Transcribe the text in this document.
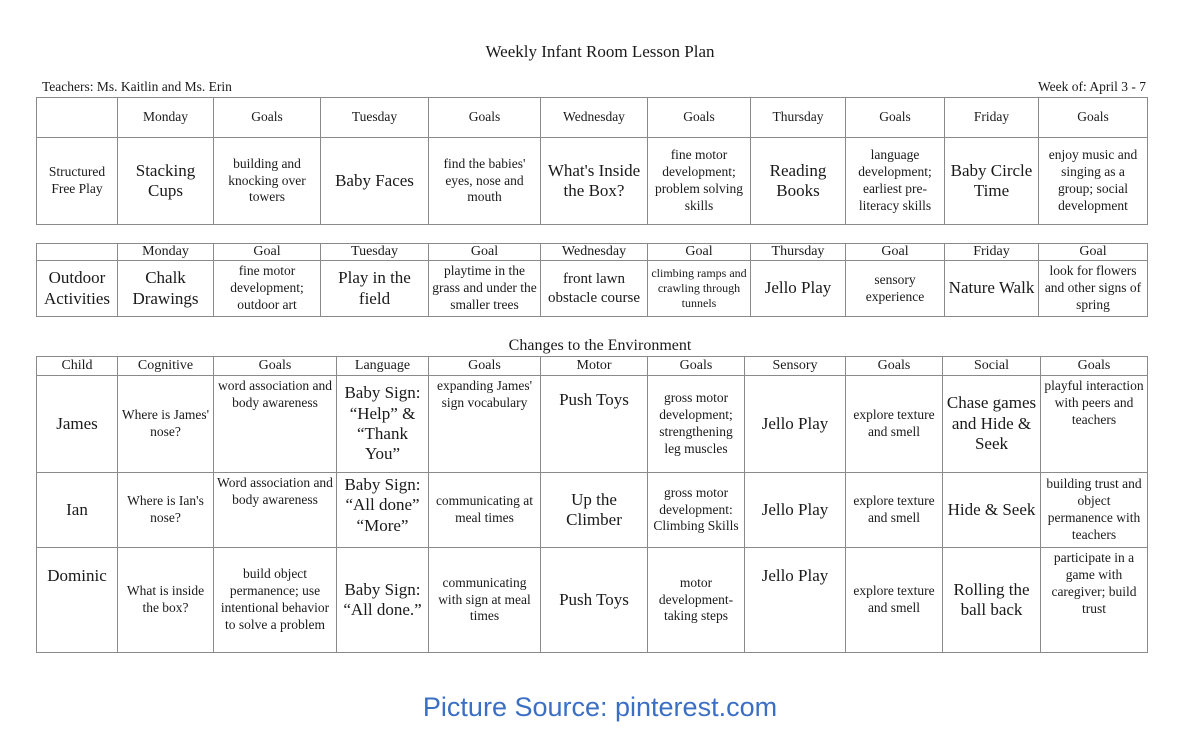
Weekly Infant Room Lesson Plan
Teachers: Ms. Kaitlin and Ms. Erin	Week of: April 3 - 7
	Monday	Goals	Tuesday	Goals	Wednesday	Goals	Thursday	Goals	Friday	Goals
Structured Free Play	Stacking Cups	building and knocking over towers	Baby Faces	find the babies' eyes, nose and mouth	What's Inside the Box?	fine motor development; problem solving skills	Reading Books	language development; earliest pre-literacy skills	Baby Circle Time	enjoy music and singing as a group; social development
	Monday	Goal	Tuesday	Goal	Wednesday	Goal	Thursday	Goal	Friday	Goal
Outdoor Activities	Chalk Drawings	fine motor development; outdoor art	Play in the field	playtime in the grass and under the smaller trees	front lawn obstacle course	climbing ramps and crawling through tunnels	Jello Play	sensory experience	Nature Walk	look for flowers and other signs of spring
Changes to the Environment
Child	Cognitive	Goals	Language	Goals	Motor	Goals	Sensory	Goals	Social	Goals
James	Where is James' nose?	word association and body awareness	Baby Sign: “Help” & “Thank You”	expanding James' sign vocabulary	Push Toys	gross motor development; strengthening leg muscles	Jello Play	explore texture and smell	Chase games and Hide & Seek	playful interaction with peers and teachers
Ian	Where is Ian's nose?	Word association and body awareness	Baby Sign: “All done” “More”	communicating at meal times	Up the Climber	gross motor development: Climbing Skills	Jello Play	explore texture and smell	Hide & Seek	building trust and object permanence with teachers
Dominic	What is inside the box?	build object permanence; use intentional behavior to solve a problem	Baby Sign: “All done.”	communicating with sign at meal times	Push Toys	motor development-taking steps	Jello Play	explore texture and smell	Rolling the ball back	participate in a game with caregiver; build trust
Picture Source: pinterest.com
